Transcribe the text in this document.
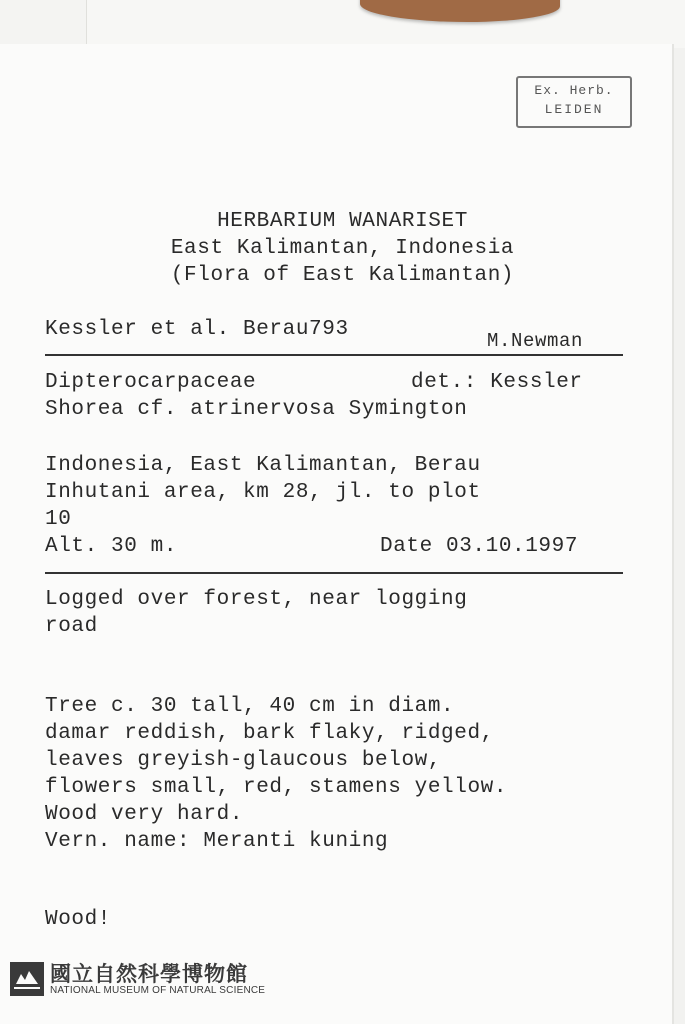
Ex. Herb.
LEIDEN
HERBARIUM WANARISET
East Kalimantan, Indonesia
(Flora of East Kalimantan)
Kessler et al. Berau793	M.Newman
Dipterocarpaceae	det.: Kessler
Shorea cf. atrinervosa Symington
Indonesia, East Kalimantan, Berau
Inhutani area, km 28, jl. to plot
10
Alt. 30 m.	Date 03.10.1997
Logged over forest, near logging
road
Tree c. 30 tall, 40 cm in diam.
damar reddish, bark flaky, ridged,
leaves greyish-glaucous below,
flowers small, red, stamens yellow.
Wood very hard.
Vern. name: Meranti kuning
Wood!
國立自然科學博物館
NATIONAL MUSEUM OF NATURAL SCIENCE
